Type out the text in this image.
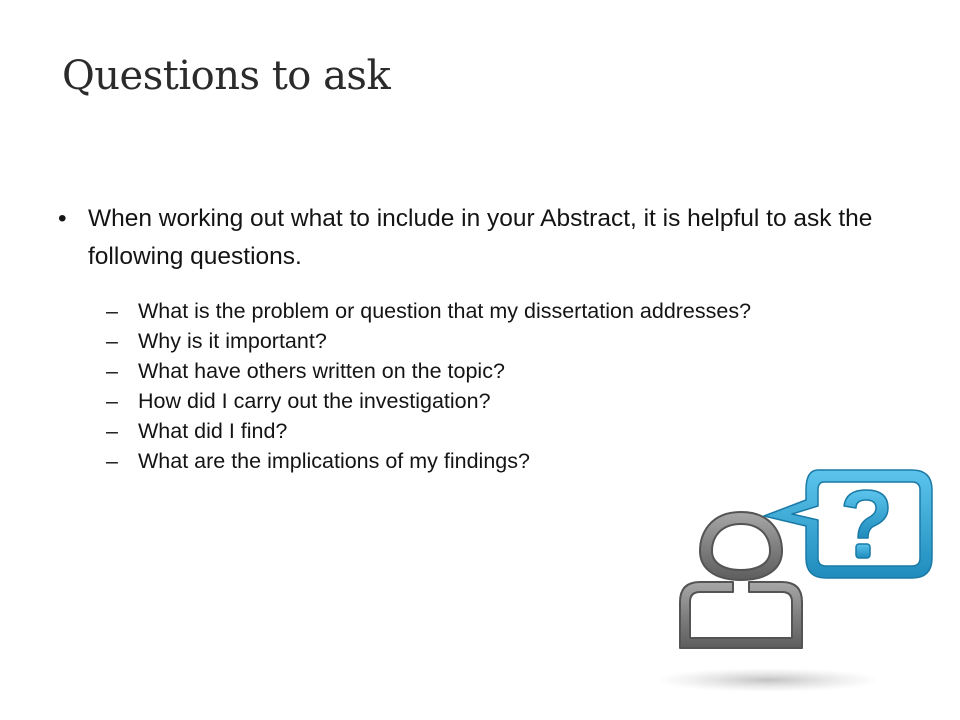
Questions to ask
• When working out what to include in your Abstract, it is helpful to ask the following questions.
– What is the problem or question that my dissertation addresses?
– Why is it important?
– What have others written on the topic?
– How did I carry out the investigation?
– What did I find?
– What are the implications of my findings?
